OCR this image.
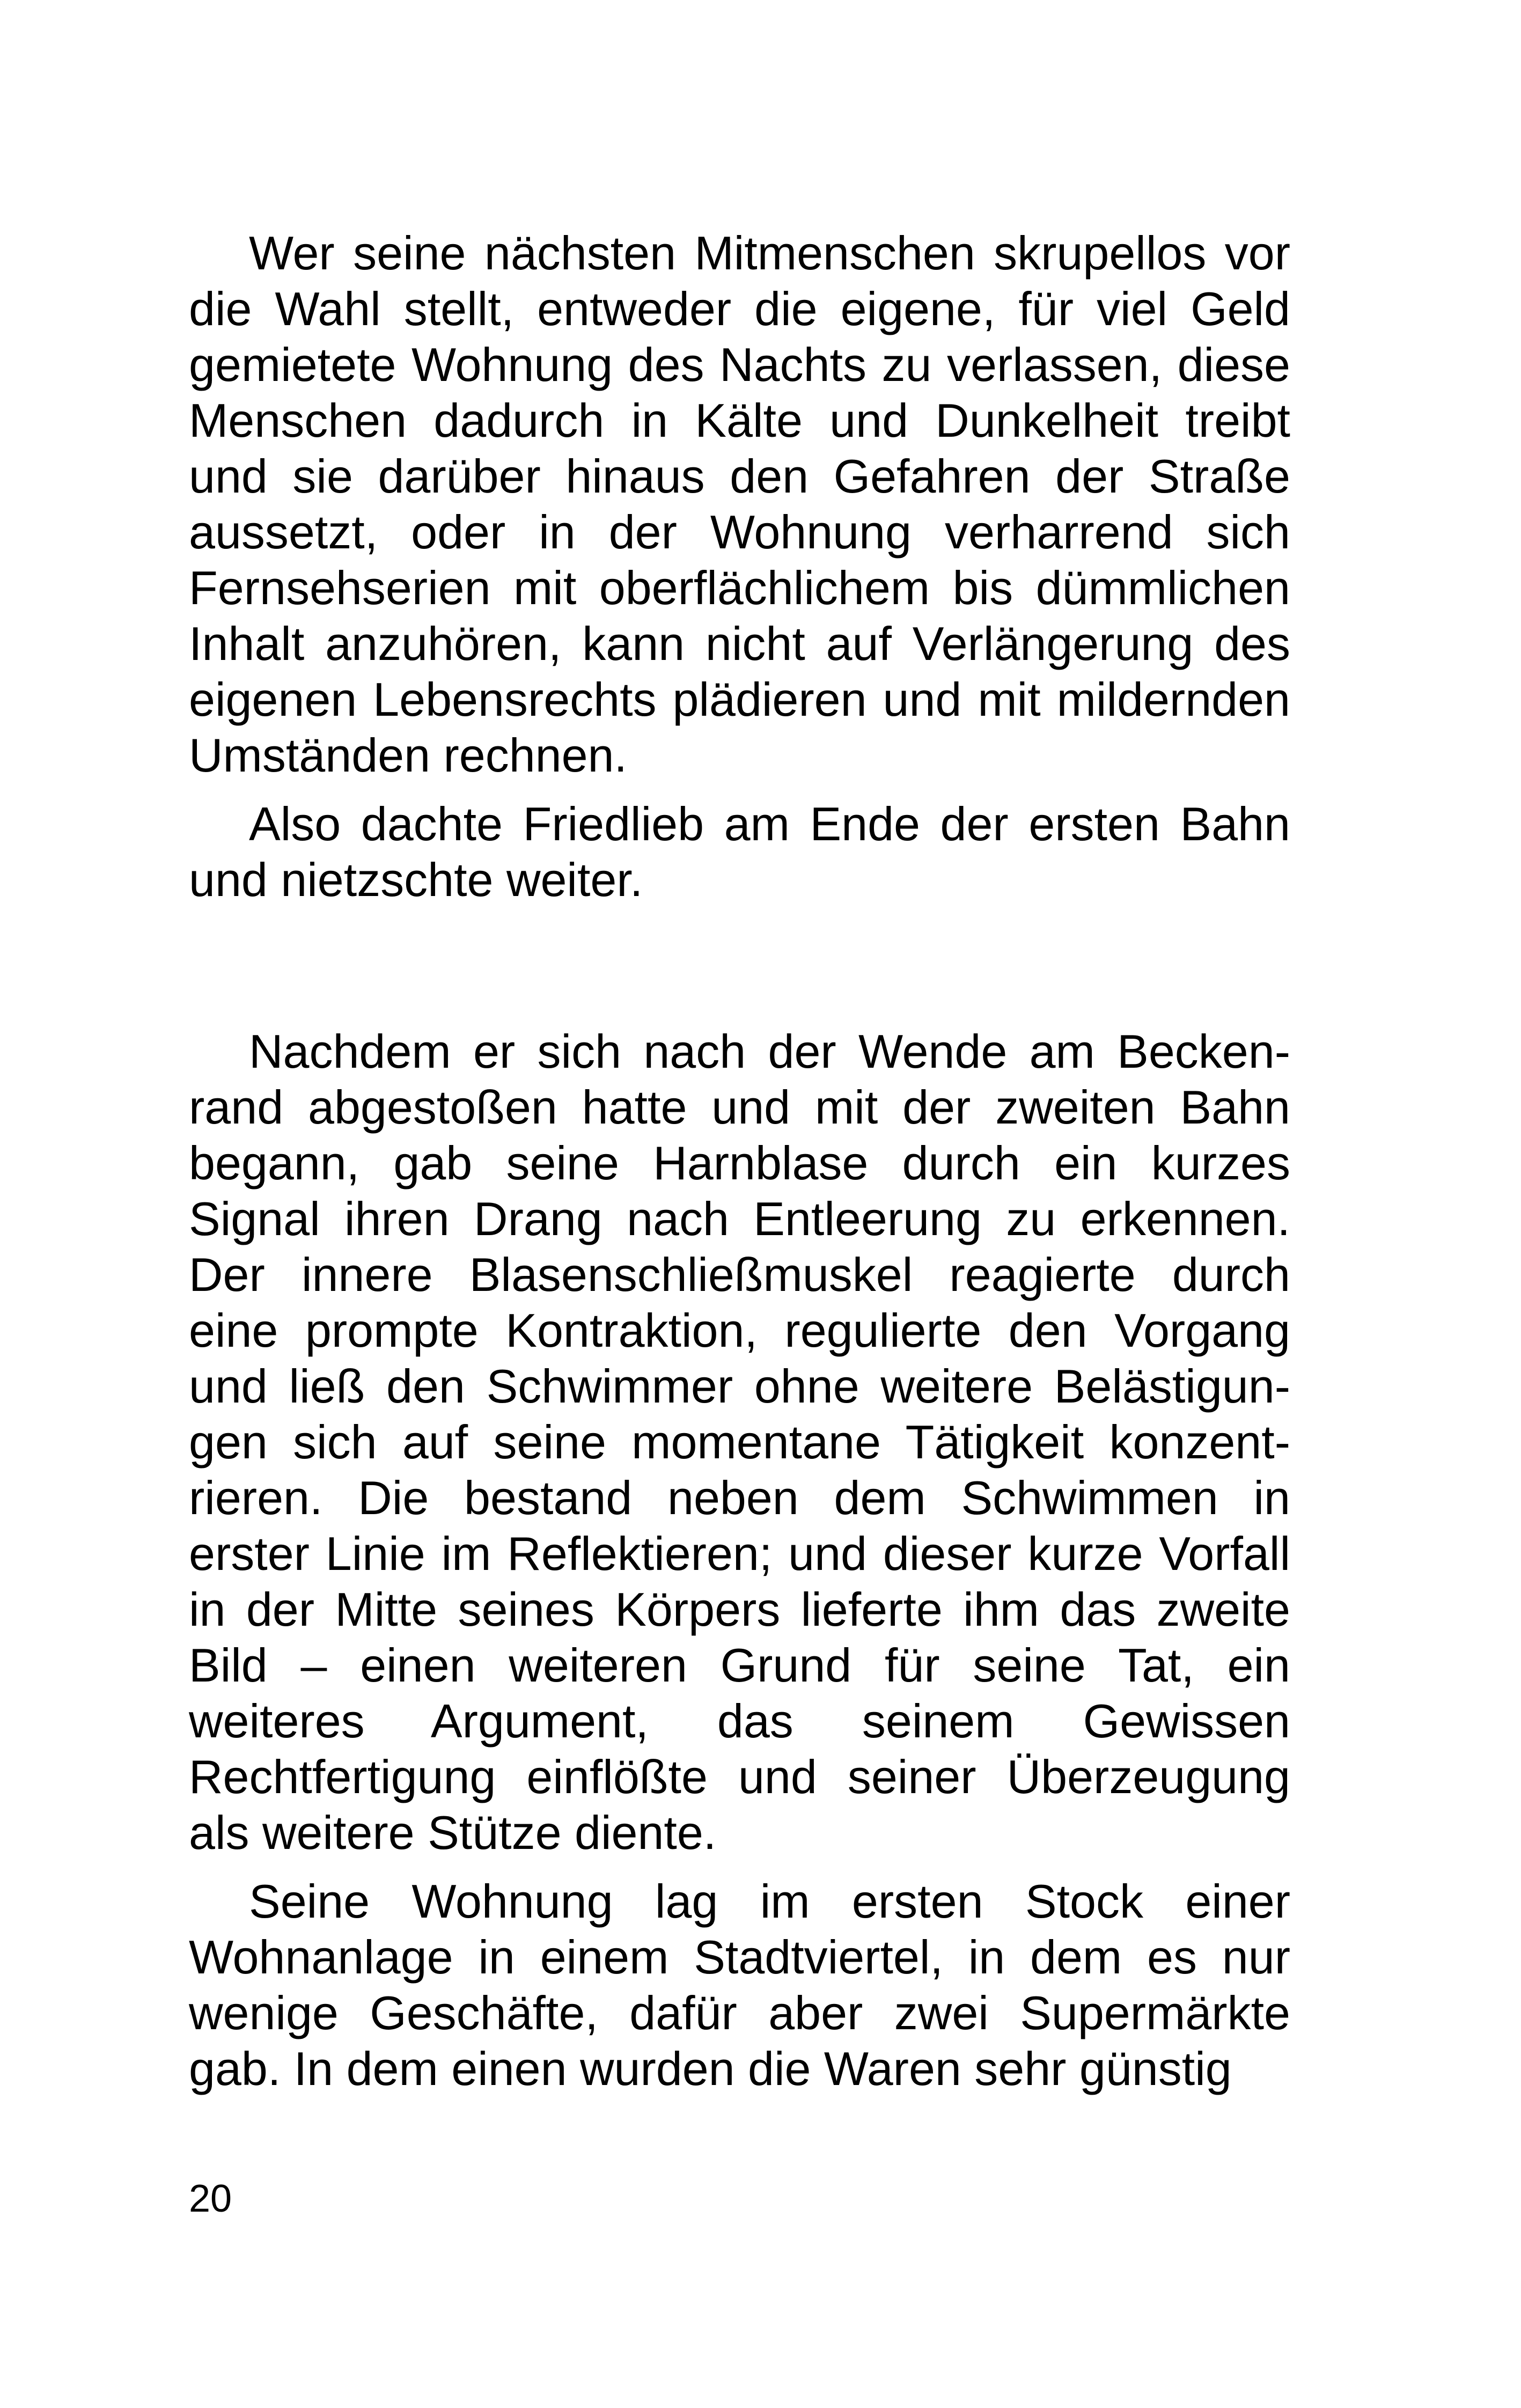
Wer seine nächsten Mitmenschen skrupellos vor die Wahl stellt, entweder die eigene, für viel Geld gemietete Wohnung des Nachts zu verlassen, diese Menschen dadurch in Kälte und Dunkelheit treibt und sie darüber hinaus den Gefahren der Straße aussetzt, oder in der Wohnung verharrend sich Fernsehserien mit oberflächlichem bis dümmlichen Inhalt anzuhören, kann nicht auf Verlängerung des eigenen Lebensrechts plädieren und mit mildernden Umständen rechnen.

Also dachte Friedlieb am Ende der ersten Bahn und nietzschte weiter.

Nachdem er sich nach der Wende am Beckenrand abgestoßen hatte und mit der zweiten Bahn begann, gab seine Harnblase durch ein kurzes Signal ihren Drang nach Entleerung zu erkennen. Der innere Blasenschließmuskel reagierte durch eine prompte Kontraktion, regulierte den Vorgang und ließ den Schwimmer ohne weitere Belästigungen sich auf seine momentane Tätigkeit konzentrieren. Die bestand neben dem Schwimmen in erster Linie im Reflektieren; und dieser kurze Vorfall in der Mitte seines Körpers lieferte ihm das zweite Bild – einen weiteren Grund für seine Tat, ein weiteres Argument, das seinem Gewissen Rechtfertigung einflößte und seiner Überzeugung als weitere Stütze diente.

Seine Wohnung lag im ersten Stock einer Wohnanlage in einem Stadtviertel, in dem es nur wenige Geschäfte, dafür aber zwei Supermärkte gab. In dem einen wurden die Waren sehr günstig

20
